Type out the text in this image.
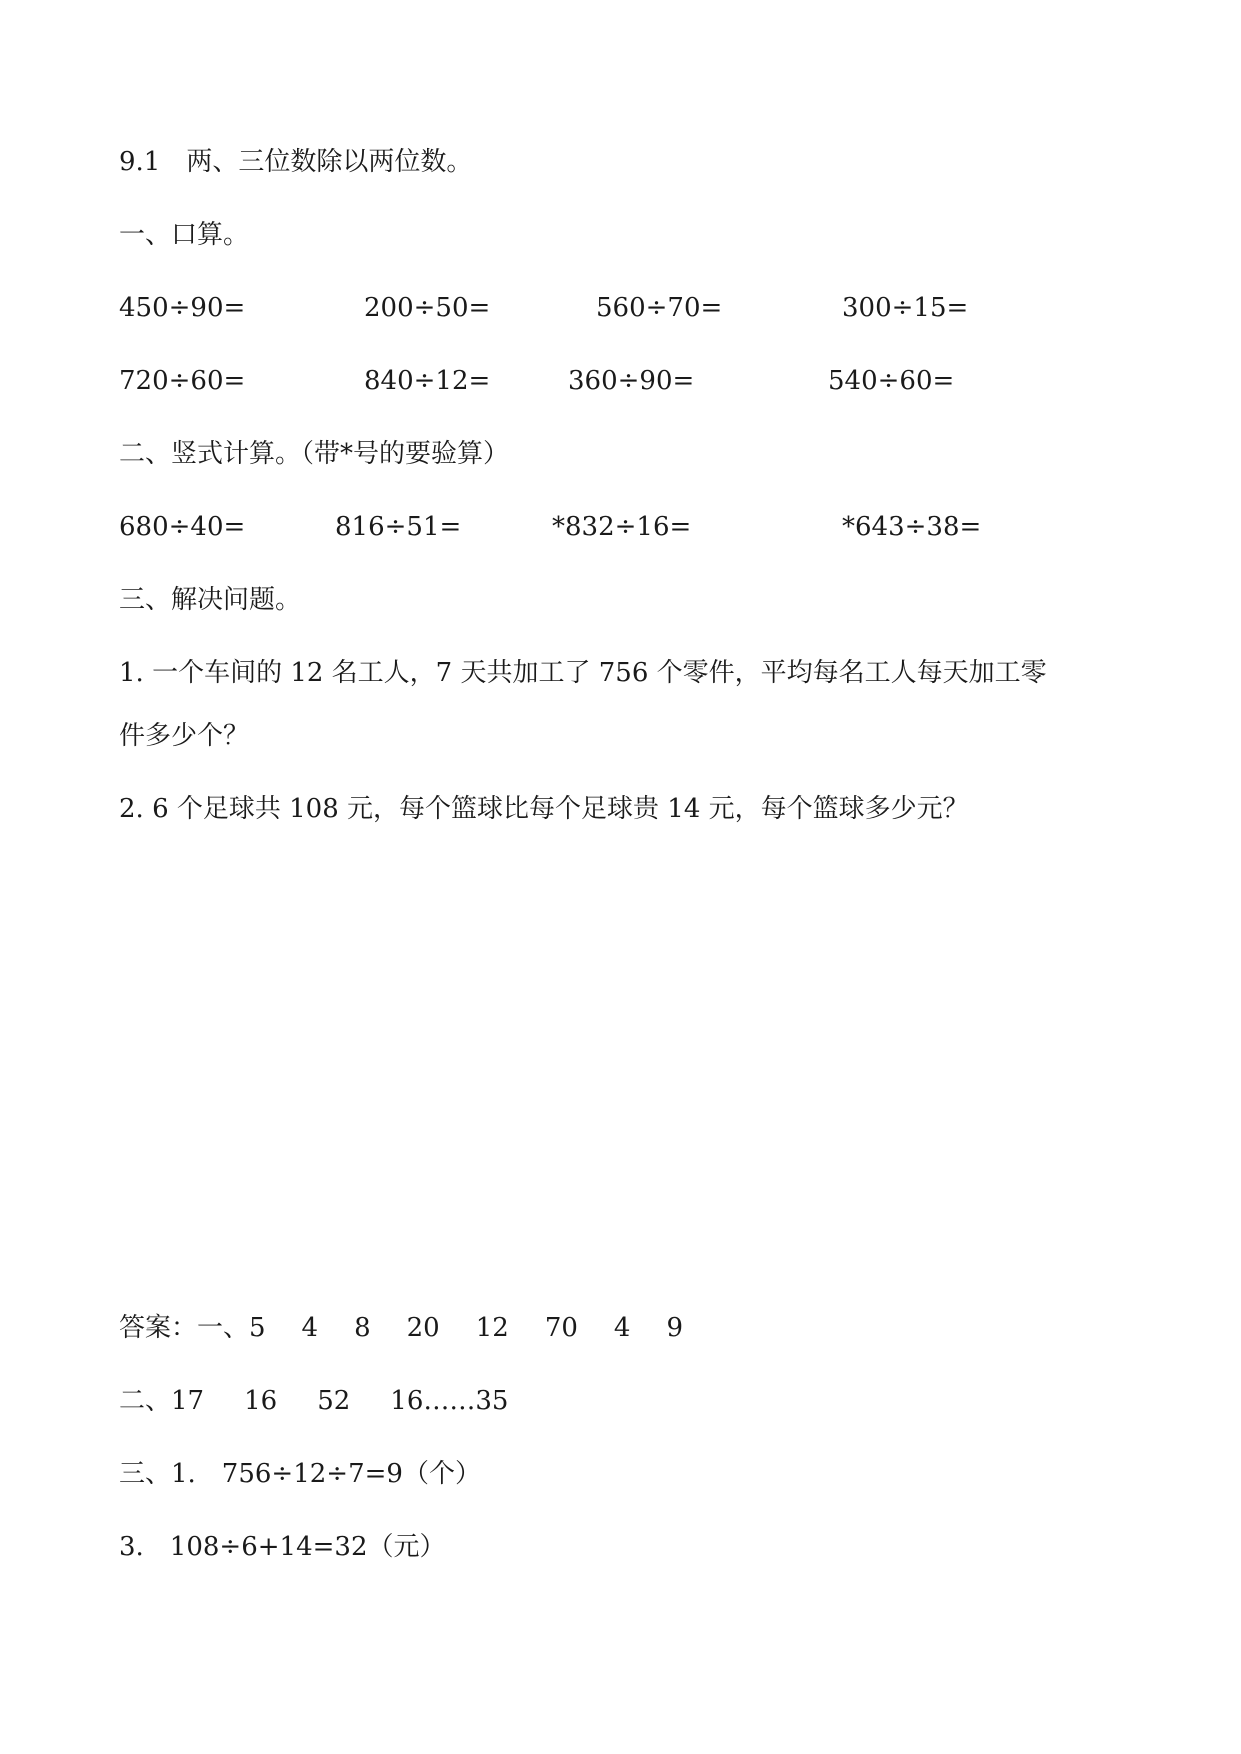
9.1　两、三位数除以两位数。
一、口算。
450÷90=	200÷50=	560÷70=	300÷15=
720÷60=	840÷12=	360÷90=	540÷60=
二、竖式计算。（带*号的要验算）
680÷40=	816÷51=	*832÷16=	*643÷38=
三、解决问题。
1. 一个车间的 12 名工人，7 天共加工了 756 个零件，平均每名工人每天加工零
件多少个？
2. 6 个足球共 108 元，每个篮球比每个足球贵 14 元，每个篮球多少元？
答案：一、5 4 8 20 12 70 4 9
二、17 16 52 16……35
三、1.　756÷12÷7=9（个）
3.　108÷6+14=32（元）
